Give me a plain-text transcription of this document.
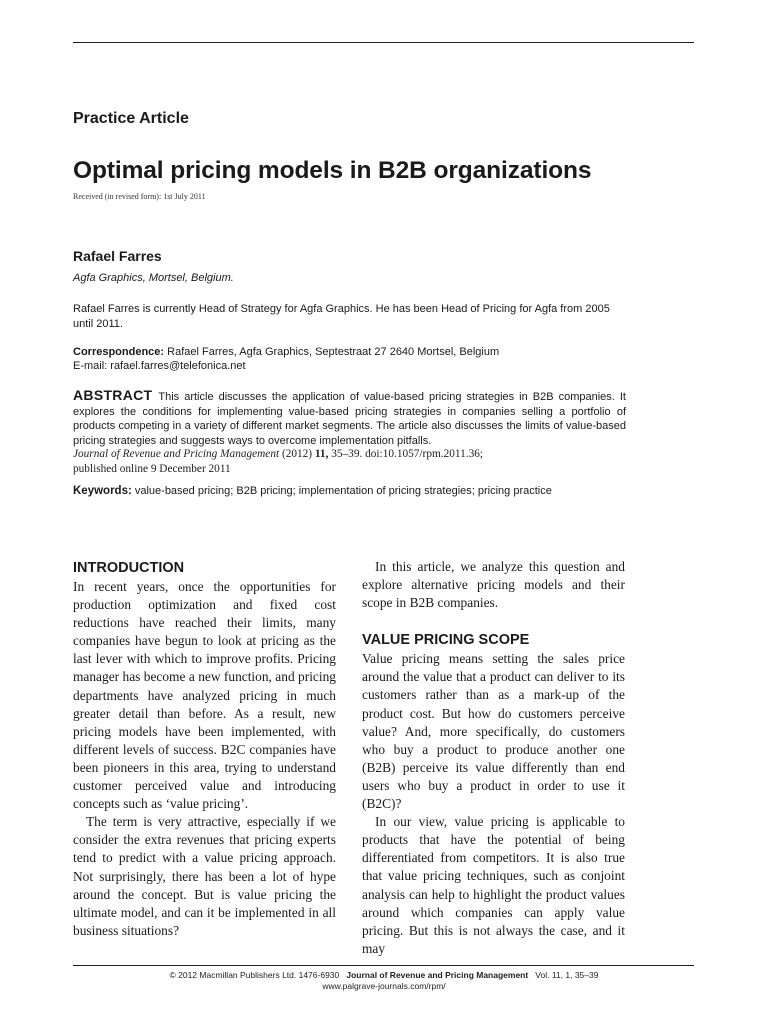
Practice Article
Optimal pricing models in B2B organizations
Received (in revised form): 1st July 2011
Rafael Farres
Agfa Graphics, Mortsel, Belgium.
Rafael Farres is currently Head of Strategy for Agfa Graphics. He has been Head of Pricing for Agfa from 2005 until 2011.
Correspondence: Rafael Farres, Agfa Graphics, Septestraat 27 2640 Mortsel, Belgium
E-mail: rafael.farres@telefonica.net
ABSTRACT This article discusses the application of value-based pricing strategies in B2B companies. It explores the conditions for implementing value-based pricing strategies in companies selling a portfolio of products competing in a variety of different market segments. The article also discusses the limits of value-based pricing strategies and suggests ways to overcome implementation pitfalls.
Journal of Revenue and Pricing Management (2012) 11, 35–39. doi:10.1057/rpm.2011.36;
published online 9 December 2011
Keywords: value-based pricing; B2B pricing; implementation of pricing strategies; pricing practice
INTRODUCTION

In recent years, once the opportunities for production optimization and fixed cost reductions have reached their limits, many companies have begun to look at pricing as the last lever with which to improve profits. Pricing manager has become a new function, and pricing departments have analyzed pricing in much greater detail than before. As a result, new pricing models have been implemented, with different levels of success. B2C companies have been pioneers in this area, trying to understand customer perceived value and introducing concepts such as ‘value pricing’.

The term is very attractive, especially if we consider the extra revenues that pricing experts tend to predict with a value pricing approach. Not surprisingly, there has been a lot of hype around the concept. But is value pricing the ultimate model, and can it be implemented in all business situations?

In this article, we analyze this question and explore alternative pricing models and their scope in B2B companies.

VALUE PRICING SCOPE

Value pricing means setting the sales price around the value that a product can deliver to its customers rather than as a mark-up of the product cost. But how do customers perceive value? And, more specifically, do customers who buy a product to produce another one (B2B) perceive its value differently than end users who buy a product in order to use it (B2C)?

In our view, value pricing is applicable to products that have the potential of being differentiated from competitors. It is also true that value pricing techniques, such as conjoint analysis can help to highlight the product values around which companies can apply value pricing. But this is not always the case, and it may

© 2012 Macmillan Publishers Ltd. 1476-6930 Journal of Revenue and Pricing Management Vol. 11, 1, 35–39
www.palgrave-journals.com/rpm/
